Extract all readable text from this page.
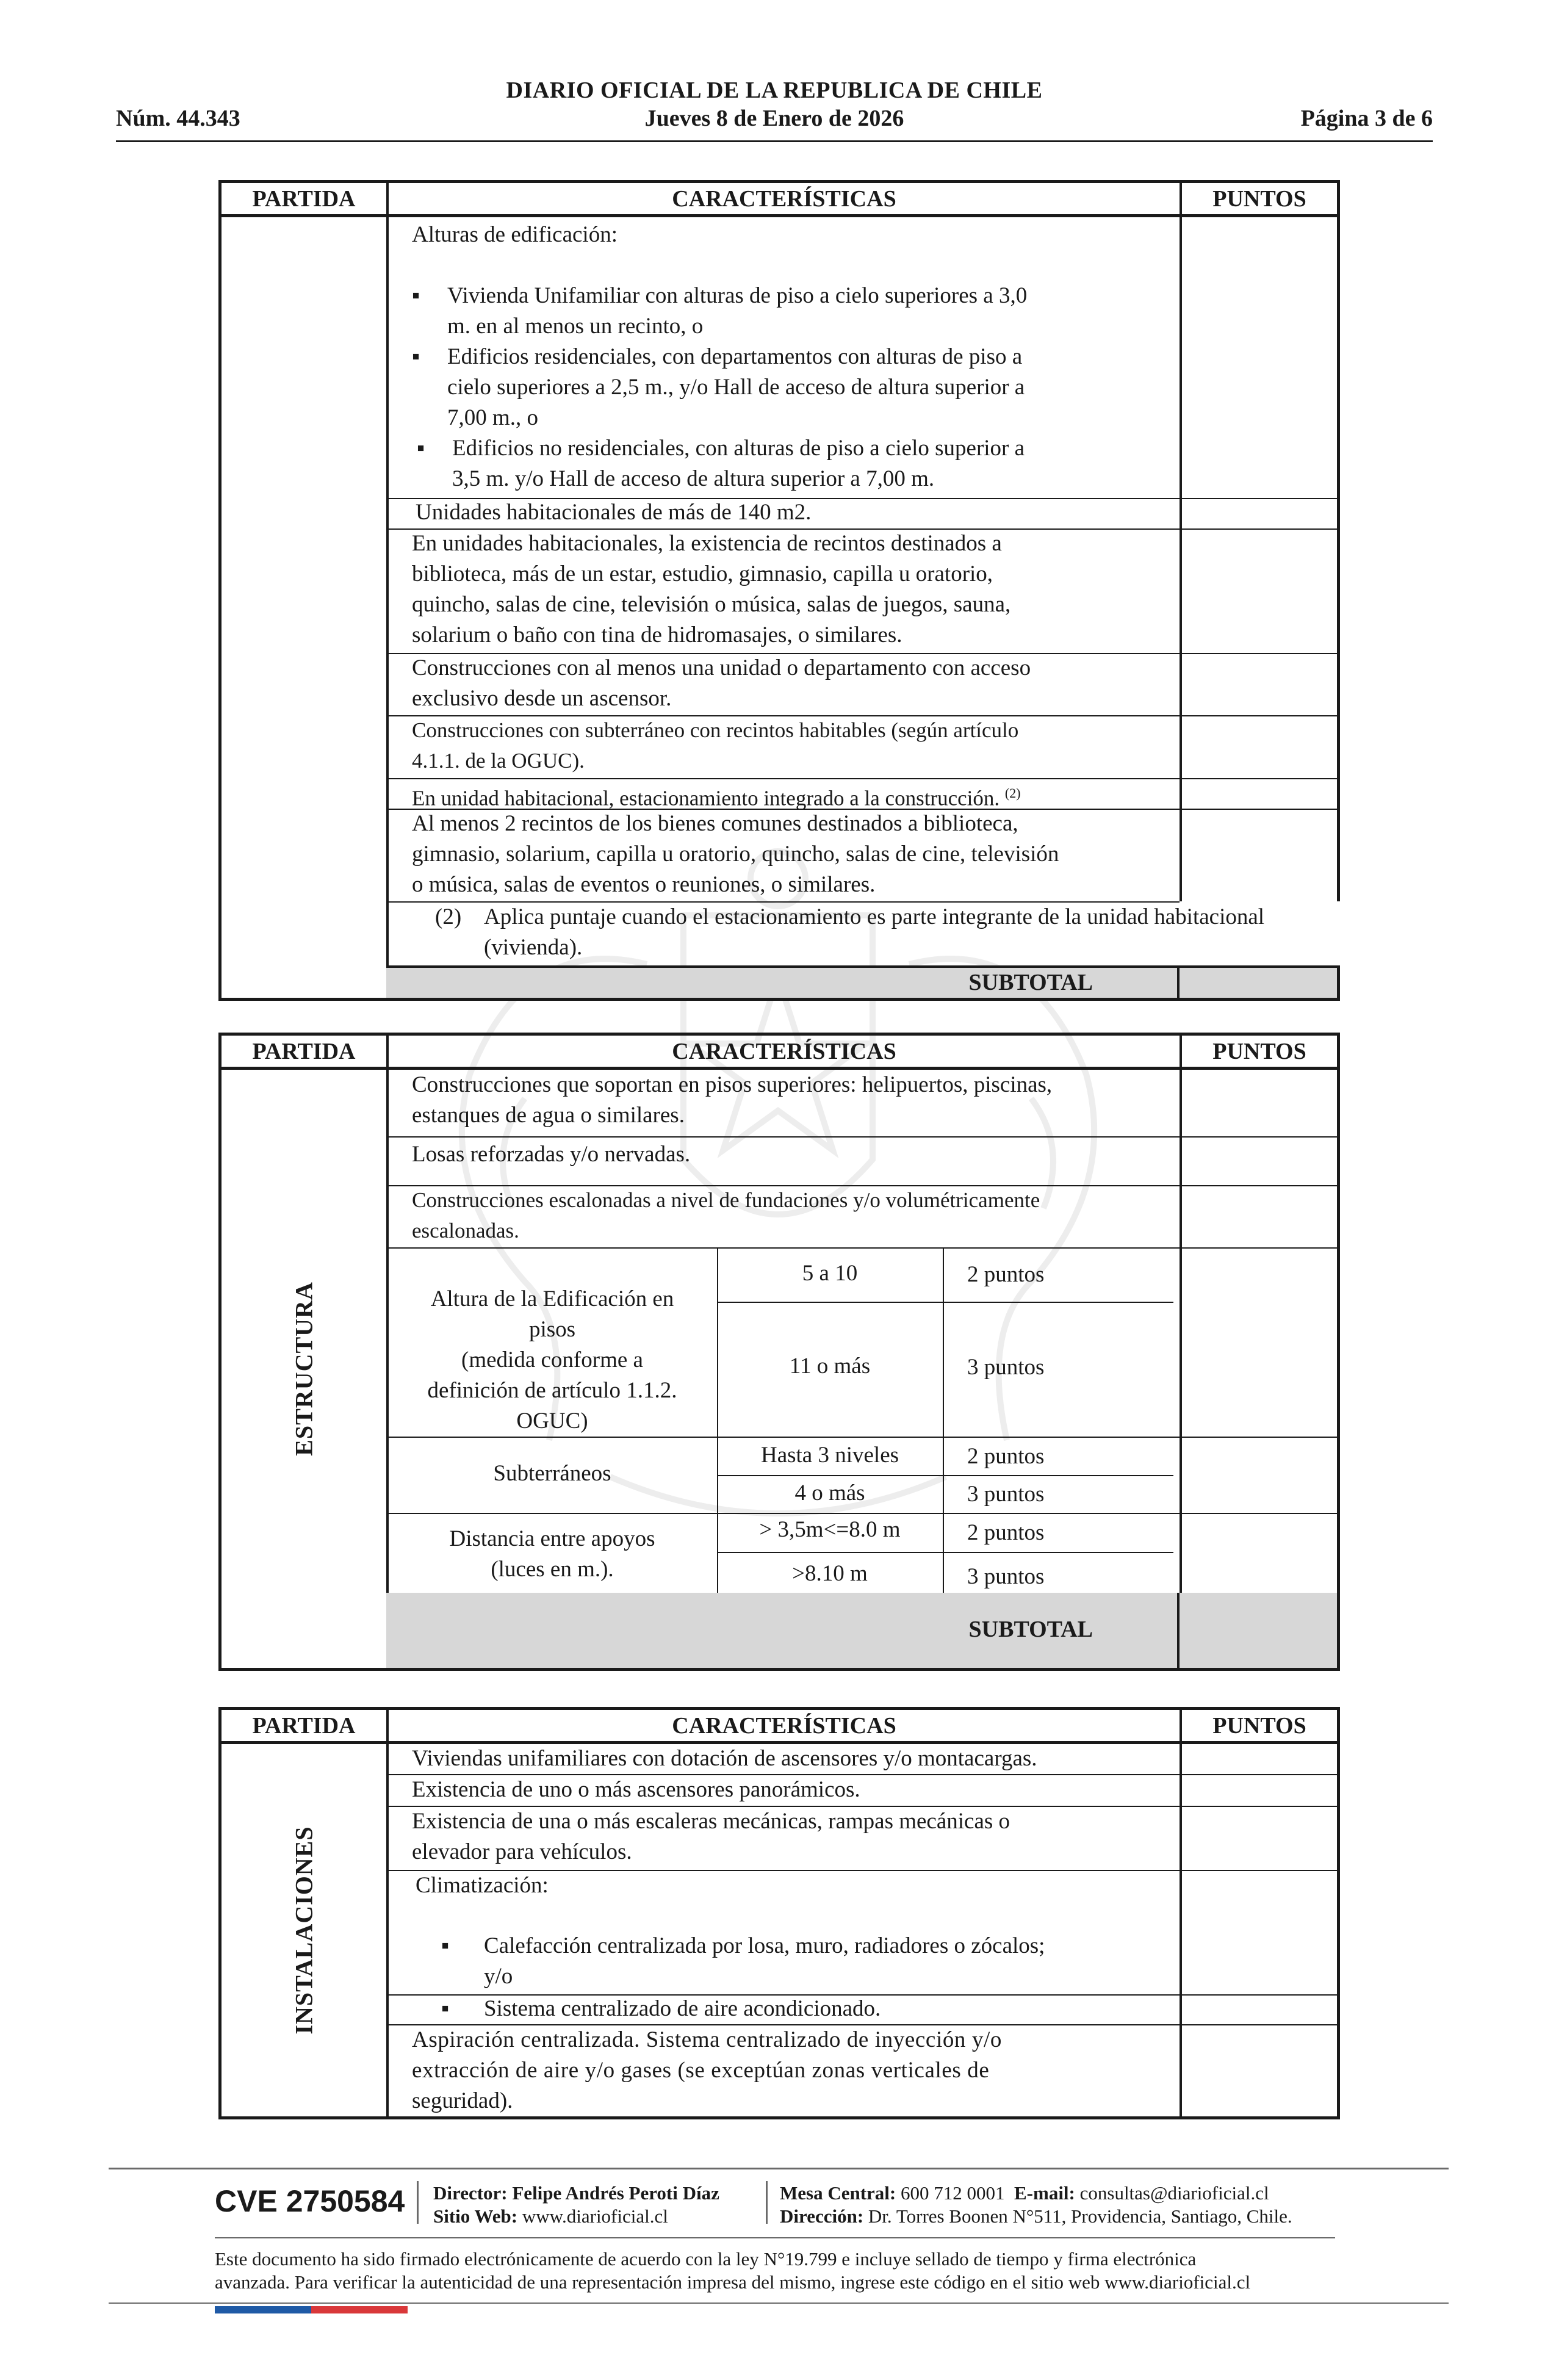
DIARIO OFICIAL DE LA REPUBLICA DE CHILE
Jueves 8 de Enero de 2026
Núm. 44.343	Página 3 de 6
PARTIDA	CARACTERÍSTICAS	PUNTOS
Alturas de edificación:
▪ Vivienda Unifamiliar con alturas de piso a cielo superiores a 3,0
m. en al menos un recinto, o
▪ Edificios residenciales, con departamentos con alturas de piso a
cielo superiores a 2,5 m., y/o Hall de acceso de altura superior a
7,00 m., o
▪ Edificios no residenciales, con alturas de piso a cielo superior a
3,5 m. y/o Hall de acceso de altura superior a 7,00 m.
Unidades habitacionales de más de 140 m2.
En unidades habitacionales, la existencia de recintos destinados a
biblioteca, más de un estar, estudio, gimnasio, capilla u oratorio,
quincho, salas de cine, televisión o música, salas de juegos, sauna,
solarium o baño con tina de hidromasajes, o similares.
Construcciones con al menos una unidad o departamento con acceso
exclusivo desde un ascensor.
Construcciones con subterráneo con recintos habitables (según artículo
4.1.1. de la OGUC).
En unidad habitacional, estacionamiento integrado a la construcción. $^{(2)}$
Al menos 2 recintos de los bienes comunes destinados a biblioteca,
gimnasio, solarium, capilla u oratorio, quincho, salas de cine, televisión
o música, salas de eventos o reuniones, o similares.
(2) Aplica puntaje cuando el estacionamiento es parte integrante de la unidad habitacional
(vivienda).
SUBTOTAL
PARTIDA	CARACTERÍSTICAS	PUNTOS
ESTRUCTURA
Construcciones que soportan en pisos superiores: helipuertos, piscinas,
estanques de agua o similares.
Losas reforzadas y/o nervadas.
Construcciones escalonadas a nivel de fundaciones y/o volumétricamente
escalonadas.
Altura de la Edificación en
pisos
(medida conforme a
definición de artículo 1.1.2.
OGUC)
5 a 10	2 puntos
11 o más	3 puntos
Subterráneos
Hasta 3 niveles	2 puntos
4 o más	3 puntos
Distancia entre apoyos
(luces en m.).
> 3,5m<=8.0 m	2 puntos
>8.10 m	3 puntos
SUBTOTAL
PARTIDA	CARACTERÍSTICAS	PUNTOS
INSTALACIONES
Viviendas unifamiliares con dotación de ascensores y/o montacargas.
Existencia de uno o más ascensores panorámicos.
Existencia de una o más escaleras mecánicas, rampas mecánicas o
elevador para vehículos.
Climatización:
▪ Calefacción centralizada por losa, muro, radiadores o zócalos;
y/o
▪ Sistema centralizado de aire acondicionado.
Aspiración centralizada. Sistema centralizado de inyección y/o
extracción de aire y/o gases (se exceptúan zonas verticales de
seguridad).
CVE 2750584 Director: Felipe Andrés Peroti Díaz
Sitio Web: www.diarioficial.cl
Mesa Central: 600 712 0001 E-mail: consultas@diarioficial.cl
Dirección: Dr. Torres Boonen N°511, Providencia, Santiago, Chile.
Este documento ha sido firmado electrónicamente de acuerdo con la ley N°19.799 e incluye sellado de tiempo y firma electrónica
avanzada. Para verificar la autenticidad de una representación impresa del mismo, ingrese este código en el sitio web www.diarioficial.cl
